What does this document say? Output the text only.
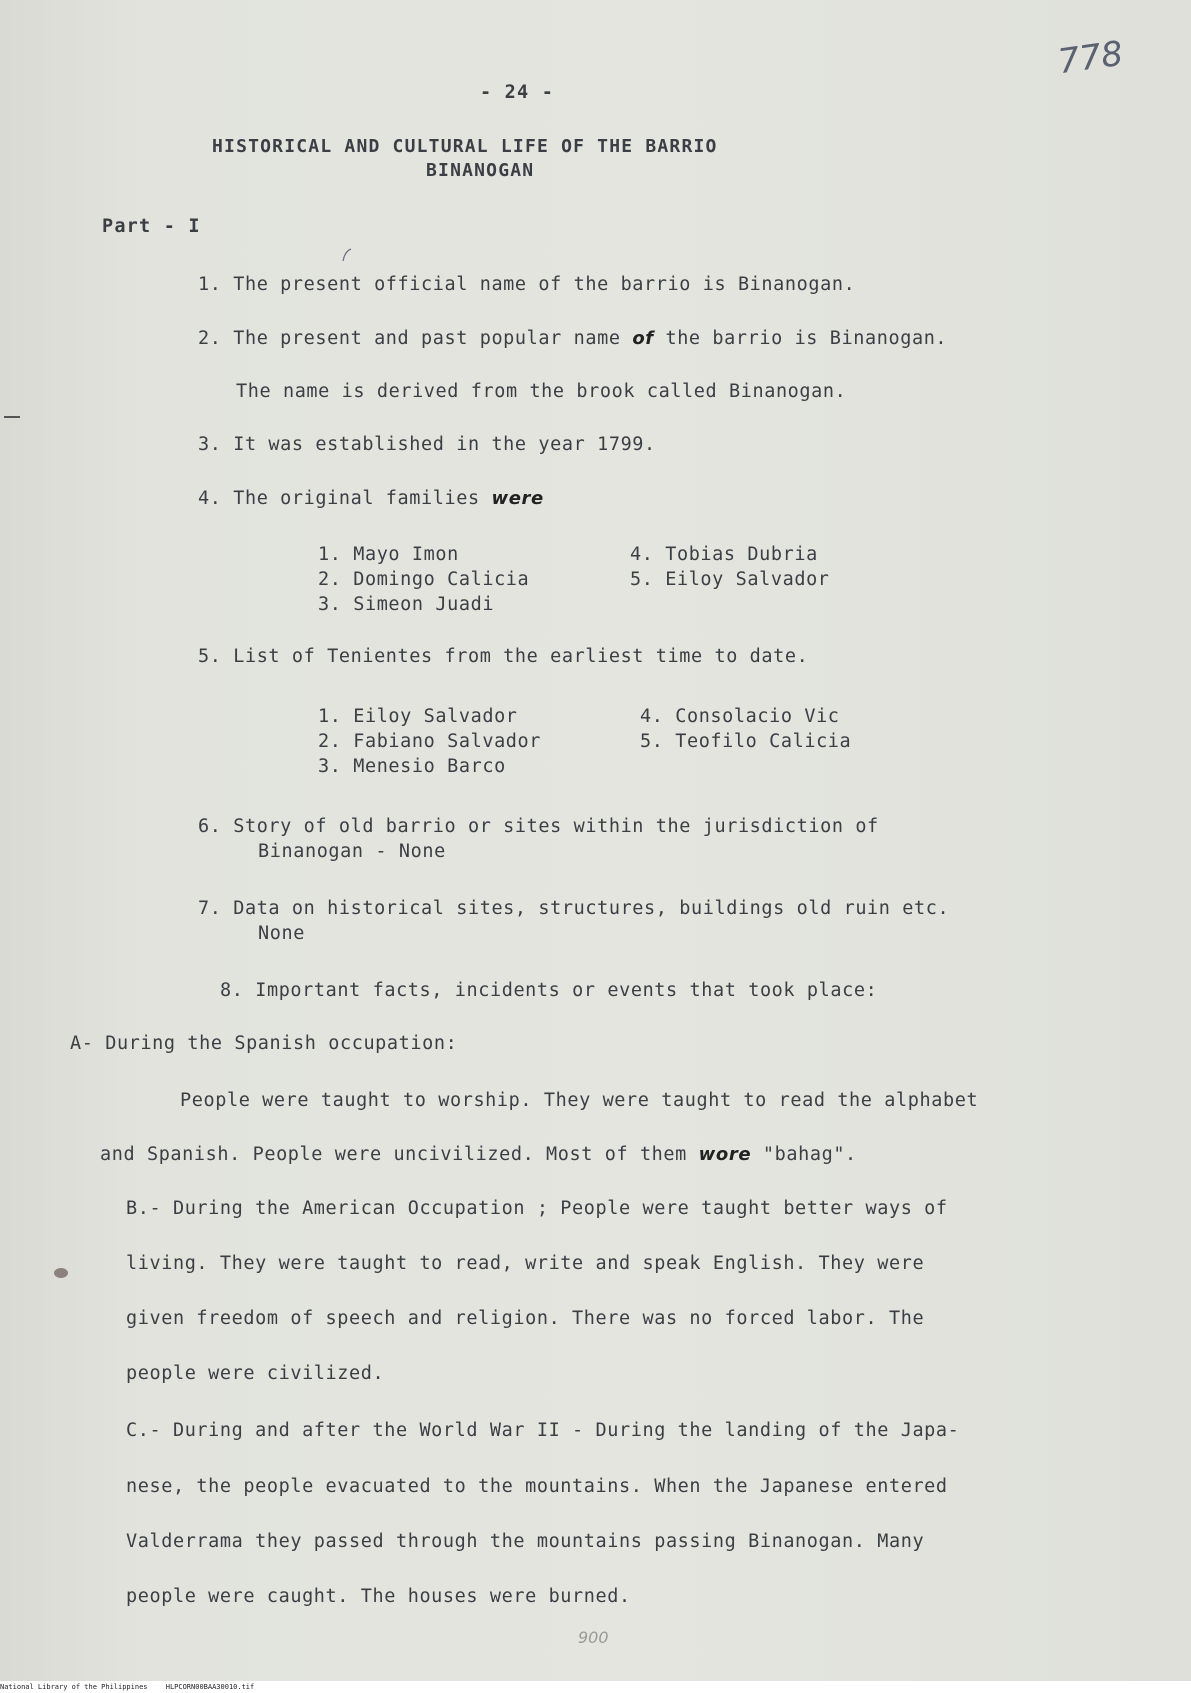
778
- 24 -
HISTORICAL AND CULTURAL LIFE OF THE BARRIO
BINANOGAN
Part - I
1. The present official name of the barrio is Binanogan.
2. The present and past popular name of the barrio is Binanogan.
The name is derived from the brook called Binanogan.
3. It was established in the year 1799.
4. The original families were
1. Mayo Imon
2. Domingo Calicia
3. Simeon Juadi
4. Tobias Dubria
5. Eiloy Salvador
5. List of Tenientes from the earliest time to date.
1. Eiloy Salvador
2. Fabiano Salvador
3. Menesio Barco
4. Consolacio Vic
5. Teofilo Calicia
6. Story of old barrio or sites within the jurisdiction of
Binanogan - None
7. Data on historical sites, structures, buildings old ruin etc.
None
8. Important facts, incidents or events that took place:
A- During the Spanish occupation:
People were taught to worship. They were taught to read the alphabet
and Spanish. People were uncivilized. Most of them wore "bahag".
B.- During the American Occupation ; People were taught better ways of
living. They were taught to read, write and speak English. They were
given freedom of speech and religion. There was no forced labor. The
people were civilized.
C.- During and after the World War II - During the landing of the Japa-
nese, the people evacuated to the mountains. When the Japanese entered
Valderrama they passed through the mountains passing Binanogan. Many
people were caught. The houses were burned.
900
National Library of the Philippines	HLPCORN00BAA30010.tif
